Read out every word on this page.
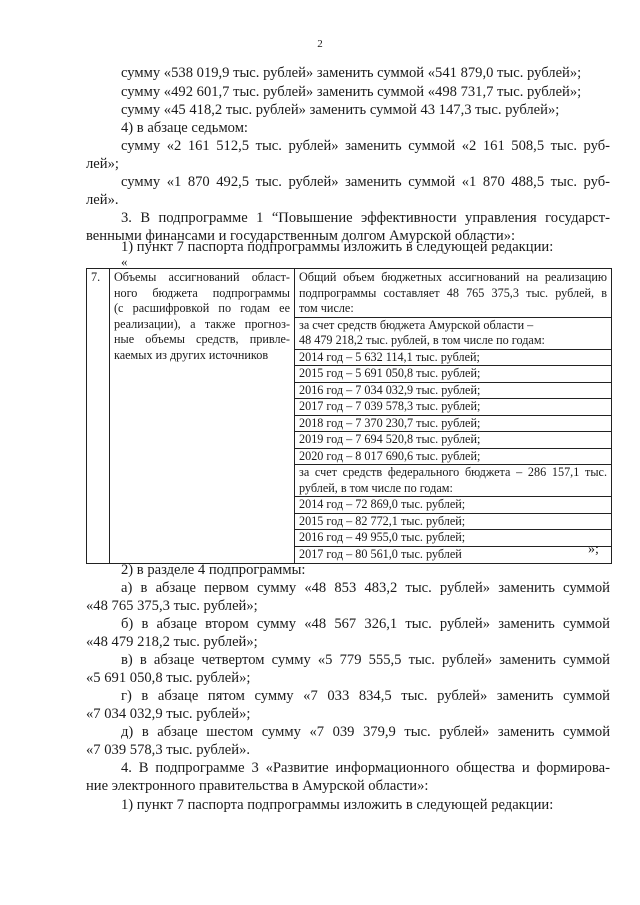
2
сумму «538 019,9 тыс. рублей» заменить суммой «541 879,0 тыс. рублей»;
сумму «492 601,7 тыс. рублей» заменить суммой «498 731,7 тыс. рублей»;
сумму «45 418,2 тыс. рублей» заменить суммой 43 147,3 тыс. рублей»;
4) в абзаце седьмом:
сумму «2 161 512,5 тыс. рублей» заменить суммой «2 161 508,5 тыс. руб-
лей»;
сумму «1 870 492,5 тыс. рублей» заменить суммой «1 870 488,5 тыс. руб-
лей».
3. В подпрограмме 1 “Повышение эффективности управления государст-
венными финансами и государственным долгом Амурской области»:
1) пункт 7 паспорта подпрограммы изложить в следующей редакции:
«
7.	Объемы ассигнований област-
ного бюджета подпрограммы
(с расшифровкой по годам ее
реализации), а также прогноз-
ные объемы средств, привле-
каемых из других источников

Общий объем бюджетных ассигнований на реализацию
подпрограммы составляет 48 765 375,3 тыс. рублей, в
том числе:
за счет средств бюджета Амурской области –
48 479 218,2 тыс. рублей, в том числе по годам:
2014 год – 5 632 114,1 тыс. рублей;
2015 год – 5 691 050,8 тыс. рублей;
2016 год – 7 034 032,9 тыс. рублей;
2017 год – 7 039 578,3 тыс. рублей;
2018 год – 7 370 230,7 тыс. рублей;
2019 год – 7 694 520,8 тыс. рублей;
2020 год – 8 017 690,6 тыс. рублей;
за счет средств федерального бюджета – 286 157,1 тыс.
рублей, в том числе по годам:
2014 год – 72 869,0 тыс. рублей;
2015 год – 82 772,1 тыс. рублей;
2016 год – 49 955,0 тыс. рублей;
2017 год – 80 561,0 тыс. рублей	»;
2) в разделе 4 подпрограммы:
а) в абзаце первом сумму «48 853 483,2 тыс. рублей» заменить суммой
«48 765 375,3 тыс. рублей»;
б) в абзаце втором сумму «48 567 326,1 тыс. рублей» заменить суммой
«48 479 218,2 тыс. рублей»;
в) в абзаце четвертом сумму «5 779 555,5 тыс. рублей» заменить суммой
«5 691 050,8 тыс. рублей»;
г) в абзаце пятом сумму «7 033 834,5 тыс. рублей» заменить суммой
«7 034 032,9 тыс. рублей»;
д) в абзаце шестом сумму «7 039 379,9 тыс. рублей» заменить суммой
«7 039 578,3 тыс. рублей».
4. В подпрограмме 3 «Развитие информационного общества и формирова-
ние электронного правительства в Амурской области»:
1) пункт 7 паспорта подпрограммы изложить в следующей редакции:
